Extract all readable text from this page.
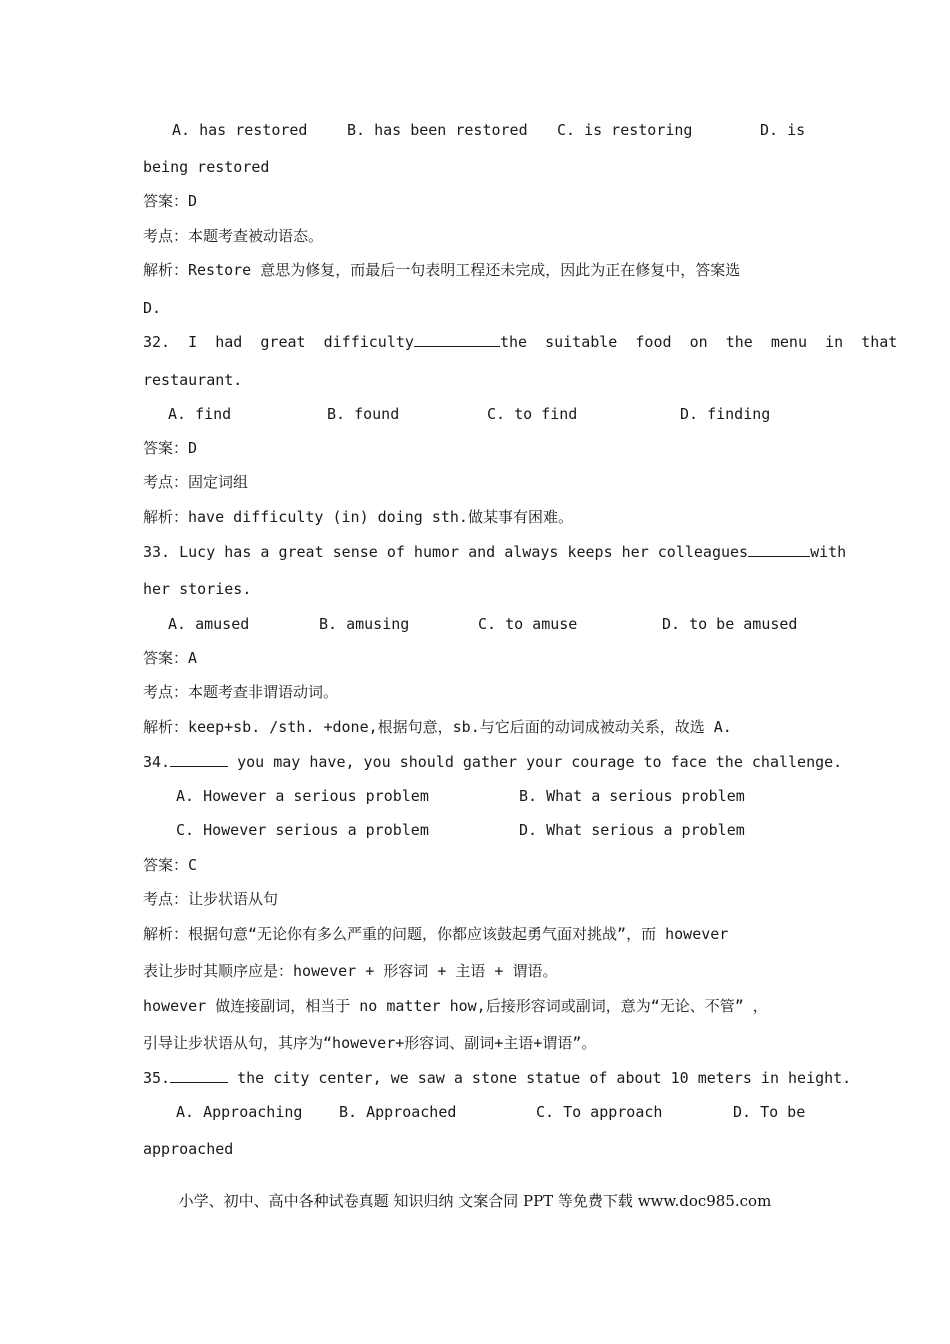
A. has restored	B. has been restored C. is restoring	D. is
being restored
答案：D
考点：本题考查被动语态。
解析：Restore 意思为修复，而最后一句表明工程还未完成，因此为正在修复中，答案选
D.
32.  I  had  great  difficulty	the  suitable  food  on  the  menu  in  that
restaurant.
A. find	B. found	C. to find	D. finding
答案：D
考点：固定词组
解析：have difficulty (in) doing sth.做某事有困难。
33. Lucy has a great sense of humor and always keeps her colleagues	with
her stories.
A. amused	B. amusing	C. to amuse	D. to be amused
答案：A
考点：本题考查非谓语动词。
解析：keep+sb. /sth. +done,根据句意，sb.与它后面的动词成被动关系，故选 A.
34.	you may have, you should gather your courage to face the challenge.
A. However a serious problem	B. What a serious problem
C. However serious a problem	D. What serious a problem
答案：C
考点：让步状语从句
解析：根据句意“无论你有多么严重的问题，你都应该鼓起勇气面对挑战”，而 however
表让步时其顺序应是：however + 形容词 + 主语 + 谓语。
however 做连接副词，相当于 no matter how,后接形容词或副词，意为“无论、不管” ，
引导让步状语从句，其序为“however+形容词、副词+主语+谓语”。
35.	the city center, we saw a stone statue of about 10 meters in height.
A. Approaching B. Approached	C. To approach	D. To be
approached
小学、初中、高中各种试卷真题 知识归纳 文案合同 PPT 等免费下载 www.doc985.com
